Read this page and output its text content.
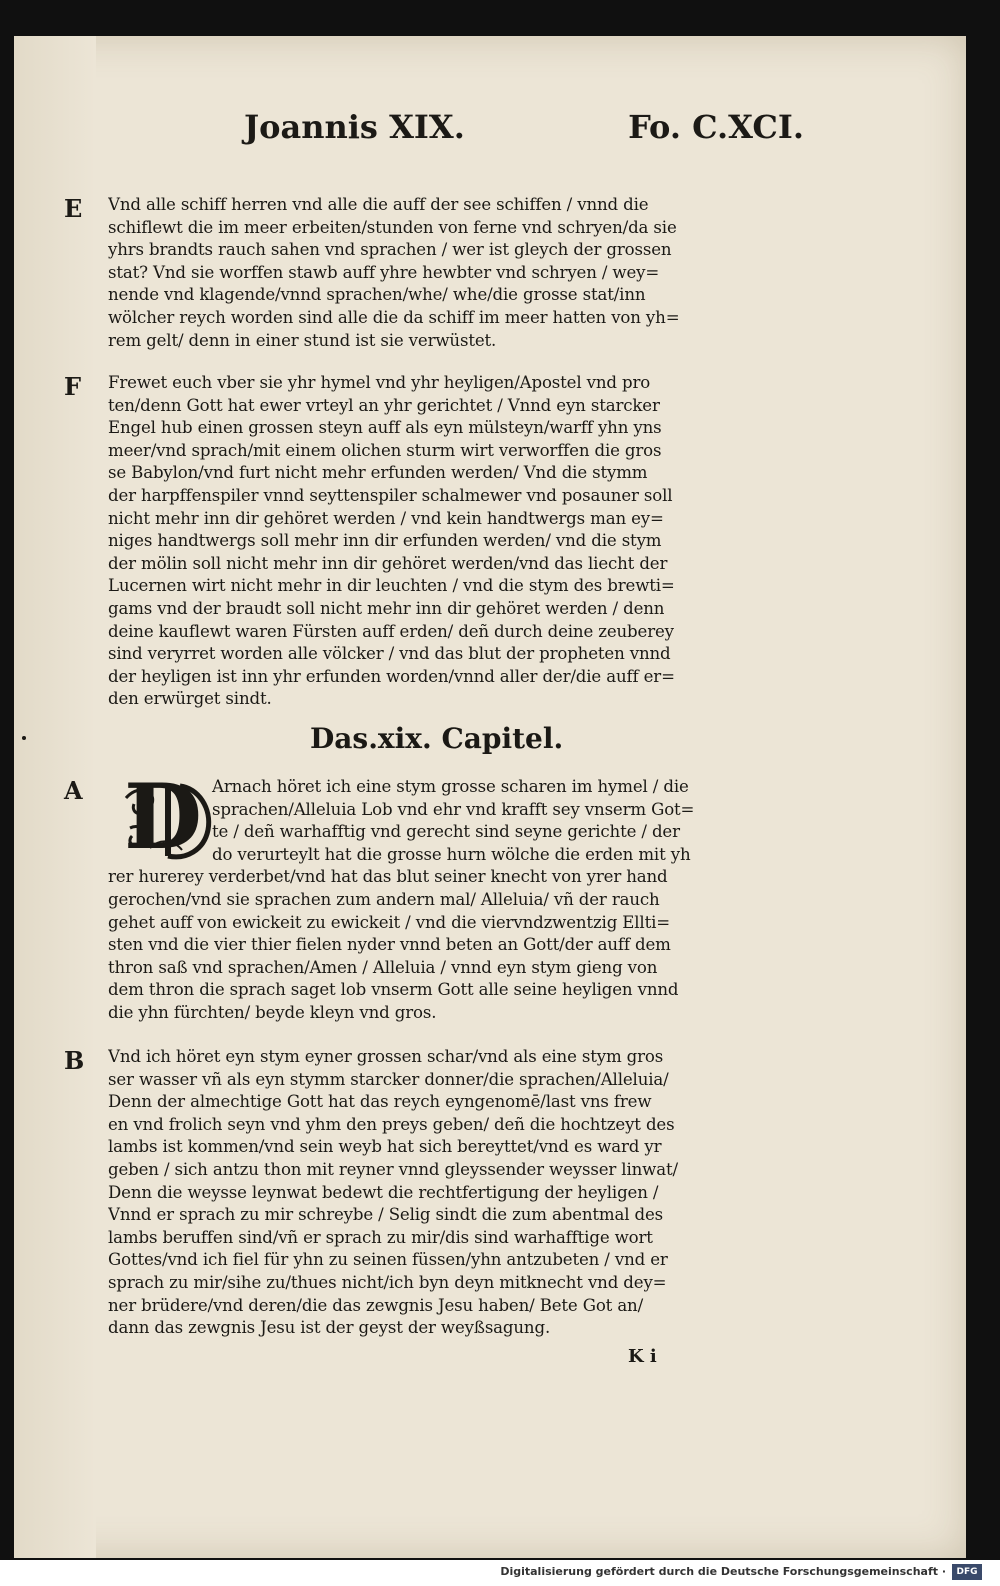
Joannis XIX.	Fo. C.XCI.
E	Vnd alle schiff herren vnd alle die auff der see schiffen / vnnd die
schiflewt die im meer erbeiten/stunden von ferne vnd schryen/da sie
yhrs brandts rauch sahen vnd sprachen / wer ist gleych der grossen
stat? Vnd sie worffen stawb auff yhre hewbter vnd schryen / wey=
nende vnd klagende/vnnd sprachen/whe/ whe/die grosse stat/inn
wölcher reych worden sind alle die da schiff im meer hatten von yh=
rem gelt/ denn in einer stund ist sie verwüstet.
F	Frewet euch vber sie yhr hymel vnd yhr heyligen/Apostel vnd pro
ten/denn Gott hat ewer vrteyl an yhr gerichtet / Vnnd eyn starcker
Engel hub einen grossen steyn auff als eyn mülsteyn/warff yhn yns
meer/vnd sprach/mit einem olichen sturm wirt verworffen die gros
se Babylon/vnd furt nicht mehr erfunden werden/ Vnd die stymm
der harpffenspiler vnnd seyttenspiler schalmewer vnd posauner soll
nicht mehr inn dir gehöret werden / vnd kein handtwergs man ey=
niges handtwergs soll mehr inn dir erfunden werden/ vnd die stym
der mölin soll nicht mehr inn dir gehöret werden/vnd das liecht der
Lucernen wirt nicht mehr in dir leuchten / vnd die stym des brewti=
gams vnd der braudt soll nicht mehr inn dir gehöret werden / denn
deine kauflewt waren Fürsten auff erden/ deñ durch deine zeuberey
sind veryrret worden alle völcker / vnd das blut der propheten vnnd
der heyligen ist inn yhr erfunden worden/vnnd aller der/die auff er=
den erwürget sindt.
Das.xix. Capitel.
A D Arnach höret ich eine stym grosse scharen im hymel / die
sprachen/Alleluia Lob vnd ehr vnd krafft sey vnserm Got=
te / deñ warhafftig vnd gerecht sind seyne gerichte / der
do verurteylt hat die grosse hurn wölche die erden mit yh
rer hurerey verderbet/vnd hat das blut seiner knecht von yrer hand
gerochen/vnd sie sprachen zum andern mal/ Alleluia/ vñ der rauch
gehet auff von ewickeit zu ewickeit / vnd die viervndzwentzig Ellti=
sten vnd die vier thier fielen nyder vnnd beten an Gott/der auff dem
thron saß vnd sprachen/Amen / Alleluia / vnnd eyn stym gieng von
dem thron die sprach saget lob vnserm Gott alle seine heyligen vnnd
die yhn fürchten/ beyde kleyn vnd gros.
B	Vnd ich höret eyn stym eyner grossen schar/vnd als eine stym gros
ser wasser vñ als eyn stymm starcker donner/die sprachen/Alleluia/
Denn der almechtige Gott hat das reych eyngenomē/last vns frew
en vnd frolich seyn vnd yhm den preys geben/ deñ die hochtzeyt des
lambs ist kommen/vnd sein weyb hat sich bereyttet/vnd es ward yr
geben / sich antzu thon mit reyner vnnd gleyssender weysser linwat/
Denn die weysse leynwat bedewt die rechtfertigung der heyligen /
Vnnd er sprach zu mir schreybe / Selig sindt die zum abentmal des
lambs beruffen sind/vñ er sprach zu mir/dis sind warhafftige wort
Gottes/vnd ich fiel für yhn zu seinen füssen/yhn antzubeten / vnd er
sprach zu mir/sihe zu/thues nicht/ich byn deyn mitknecht vnd dey=
ner brüdere/vnd deren/die das zewgnis Jesu haben/ Bete Got an/
dann das zewgnis Jesu ist der geyst der weyßsagung.
K i
Digitalisierung gefördert durch die Deutsche Forschungsgemeinschaft ·	DFG
